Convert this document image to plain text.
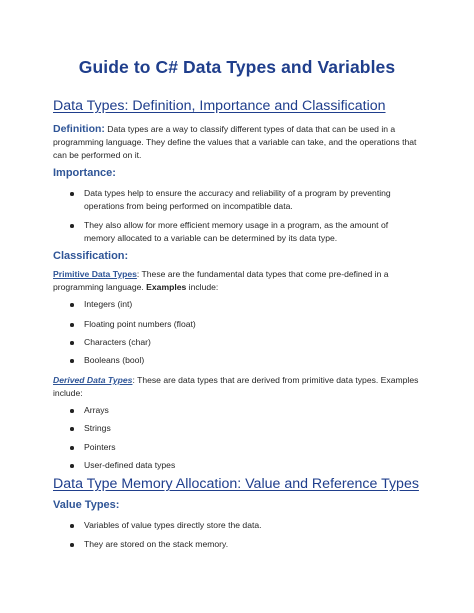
Guide to C# Data Types and Variables
Data Types: Definition, Importance and Classification
Definition: Data types are a way to classify different types of data that can be used in a programming language. They define the values that a variable can take, and the operations that can be performed on it.
Importance:
Data types help to ensure the accuracy and reliability of a program by preventing operations from being performed on incompatible data.
They also allow for more efficient memory usage in a program, as the amount of memory allocated to a variable can be determined by its data type.
Classification:
Primitive Data Types: These are the fundamental data types that come pre-defined in a programming language. Examples include:
Integers (int)
Floating point numbers (float)
Characters (char)
Booleans (bool)
Derived Data Types: These are data types that are derived from primitive data types. Examples include:
Arrays
Strings
Pointers
User-defined data types
Data Type Memory Allocation: Value and Reference Types
Value Types:
Variables of value types directly store the data.
They are stored on the stack memory.
